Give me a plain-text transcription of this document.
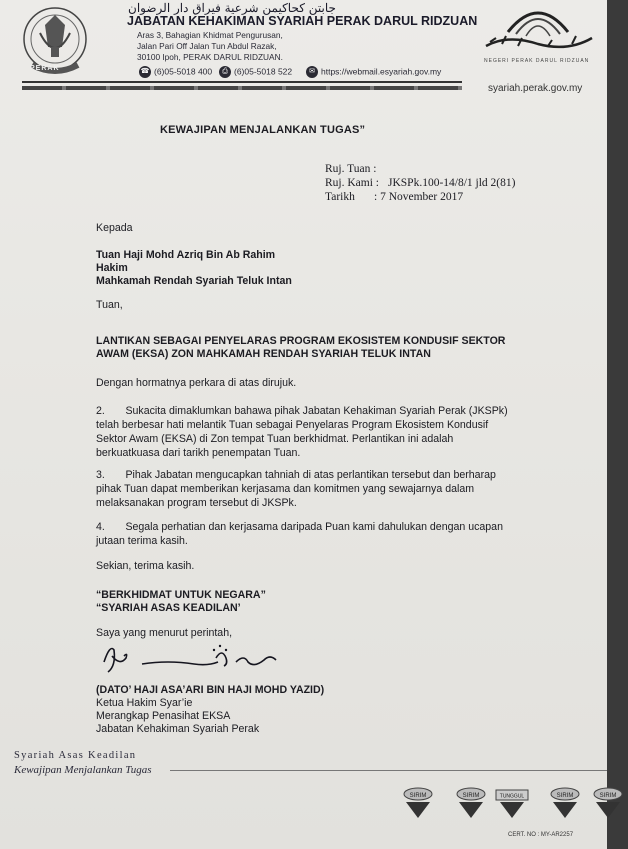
PERAK
جابتن كحاكيمن شرعية فيراق دار الرضوان
JABATAN KEHAKIMAN SYARIAH PERAK DARUL RIDZUAN
Aras 3, Bahagian Khidmat Pengurusan,
Jalan Pari Off Jalan Tun Abdul Razak,
30100 Ipoh, PERAK DARUL RIDZUAN.
☎ (6)05-5018 400	⎙ (6)05-5018 522	✉ https://webmail.esyariah.gov.my
NEGERI PERAK DARUL RIDZUAN
syariah.perak.gov.my
KEWAJIPAN MENJALANKAN TUGAS”
Ruj. Tuan :
Ruj. Kami : JKSPk.100-14/8/1 jld 2(81)
Tarikh : 7 November 2017
Kepada
Tuan Haji Mohd Azriq Bin Ab Rahim
Hakim
Mahkamah Rendah Syariah Teluk Intan
Tuan,
LANTIKAN SEBAGAI PENYELARAS PROGRAM EKOSISTEM KONDUSIF SEKTOR
AWAM (EKSA) ZON MAHKAMAH RENDAH SYARIAH TELUK INTAN
Dengan hormatnya perkara di atas dirujuk.
2.       Sukacita dimaklumkan bahawa pihak Jabatan Kehakiman Syariah Perak (JKSPk)
telah berbesar hati melantik Tuan sebagai Penyelaras Program Ekosistem Kondusif
Sektor Awam (EKSA) di Zon tempat Tuan berkhidmat. Perlantikan ini adalah
berkuatkuasa dari tarikh penempatan Tuan.
3.       Pihak Jabatan mengucapkan tahniah di atas perlantikan tersebut dan berharap
pihak Tuan dapat memberikan kerjasama dan komitmen yang sewajarnya dalam
melaksanakan program tersebut di JKSPk.
4.       Segala perhatian dan kerjasama daripada Puan kami dahulukan dengan ucapan
jutaan terima kasih.
Sekian, terima kasih.
“BERKHIDMAT UNTUK NEGARA”
“SYARIAH ASAS KEADILAN’
Saya yang menurut perintah,
(DATO’ HAJI ASA’ARI BIN HAJI MOHD YAZID)
Ketua Hakim Syar’ie
Merangkap Penasihat EKSA
Jabatan Kehakiman Syariah Perak
Syariah Asas Keadilan
Kewajipan Menjalankan Tugas
SIRIM	SIRIM	TUNGGUL	SIRIM	SIRIM
CERT. NO : MY-AR2257
